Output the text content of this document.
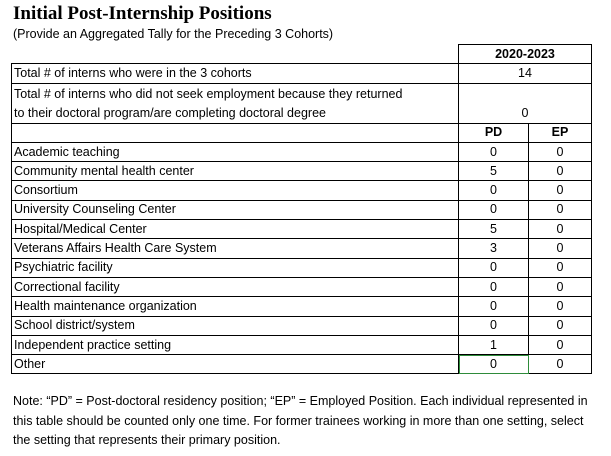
Initial Post-Internship Positions
(Provide an Aggregated Tally for the Preceding 3 Cohorts)
	2020-2023	
Total # of interns who were in the 3 cohorts	14	
Total # of interns who did not seek employment because they returned
to their doctoral program/are completing doctoral degree	0	
	PD	EP
Academic teaching	0	0
Community mental health center	5	0
Consortium	0	0
University Counseling Center	0	0
Hospital/Medical Center	5	0
Veterans Affairs Health Care System	3	0
Psychiatric facility	0	0
Correctional facility	0	0
Health maintenance organization	0	0
School district/system	0	0
Independent practice setting	1	0
Other	0	0
Note: “PD” = Post-doctoral residency position; “EP” = Employed Position. Each individual represented in this table should be counted only one time. For former trainees working in more than one setting, select the setting that represents their primary position.
